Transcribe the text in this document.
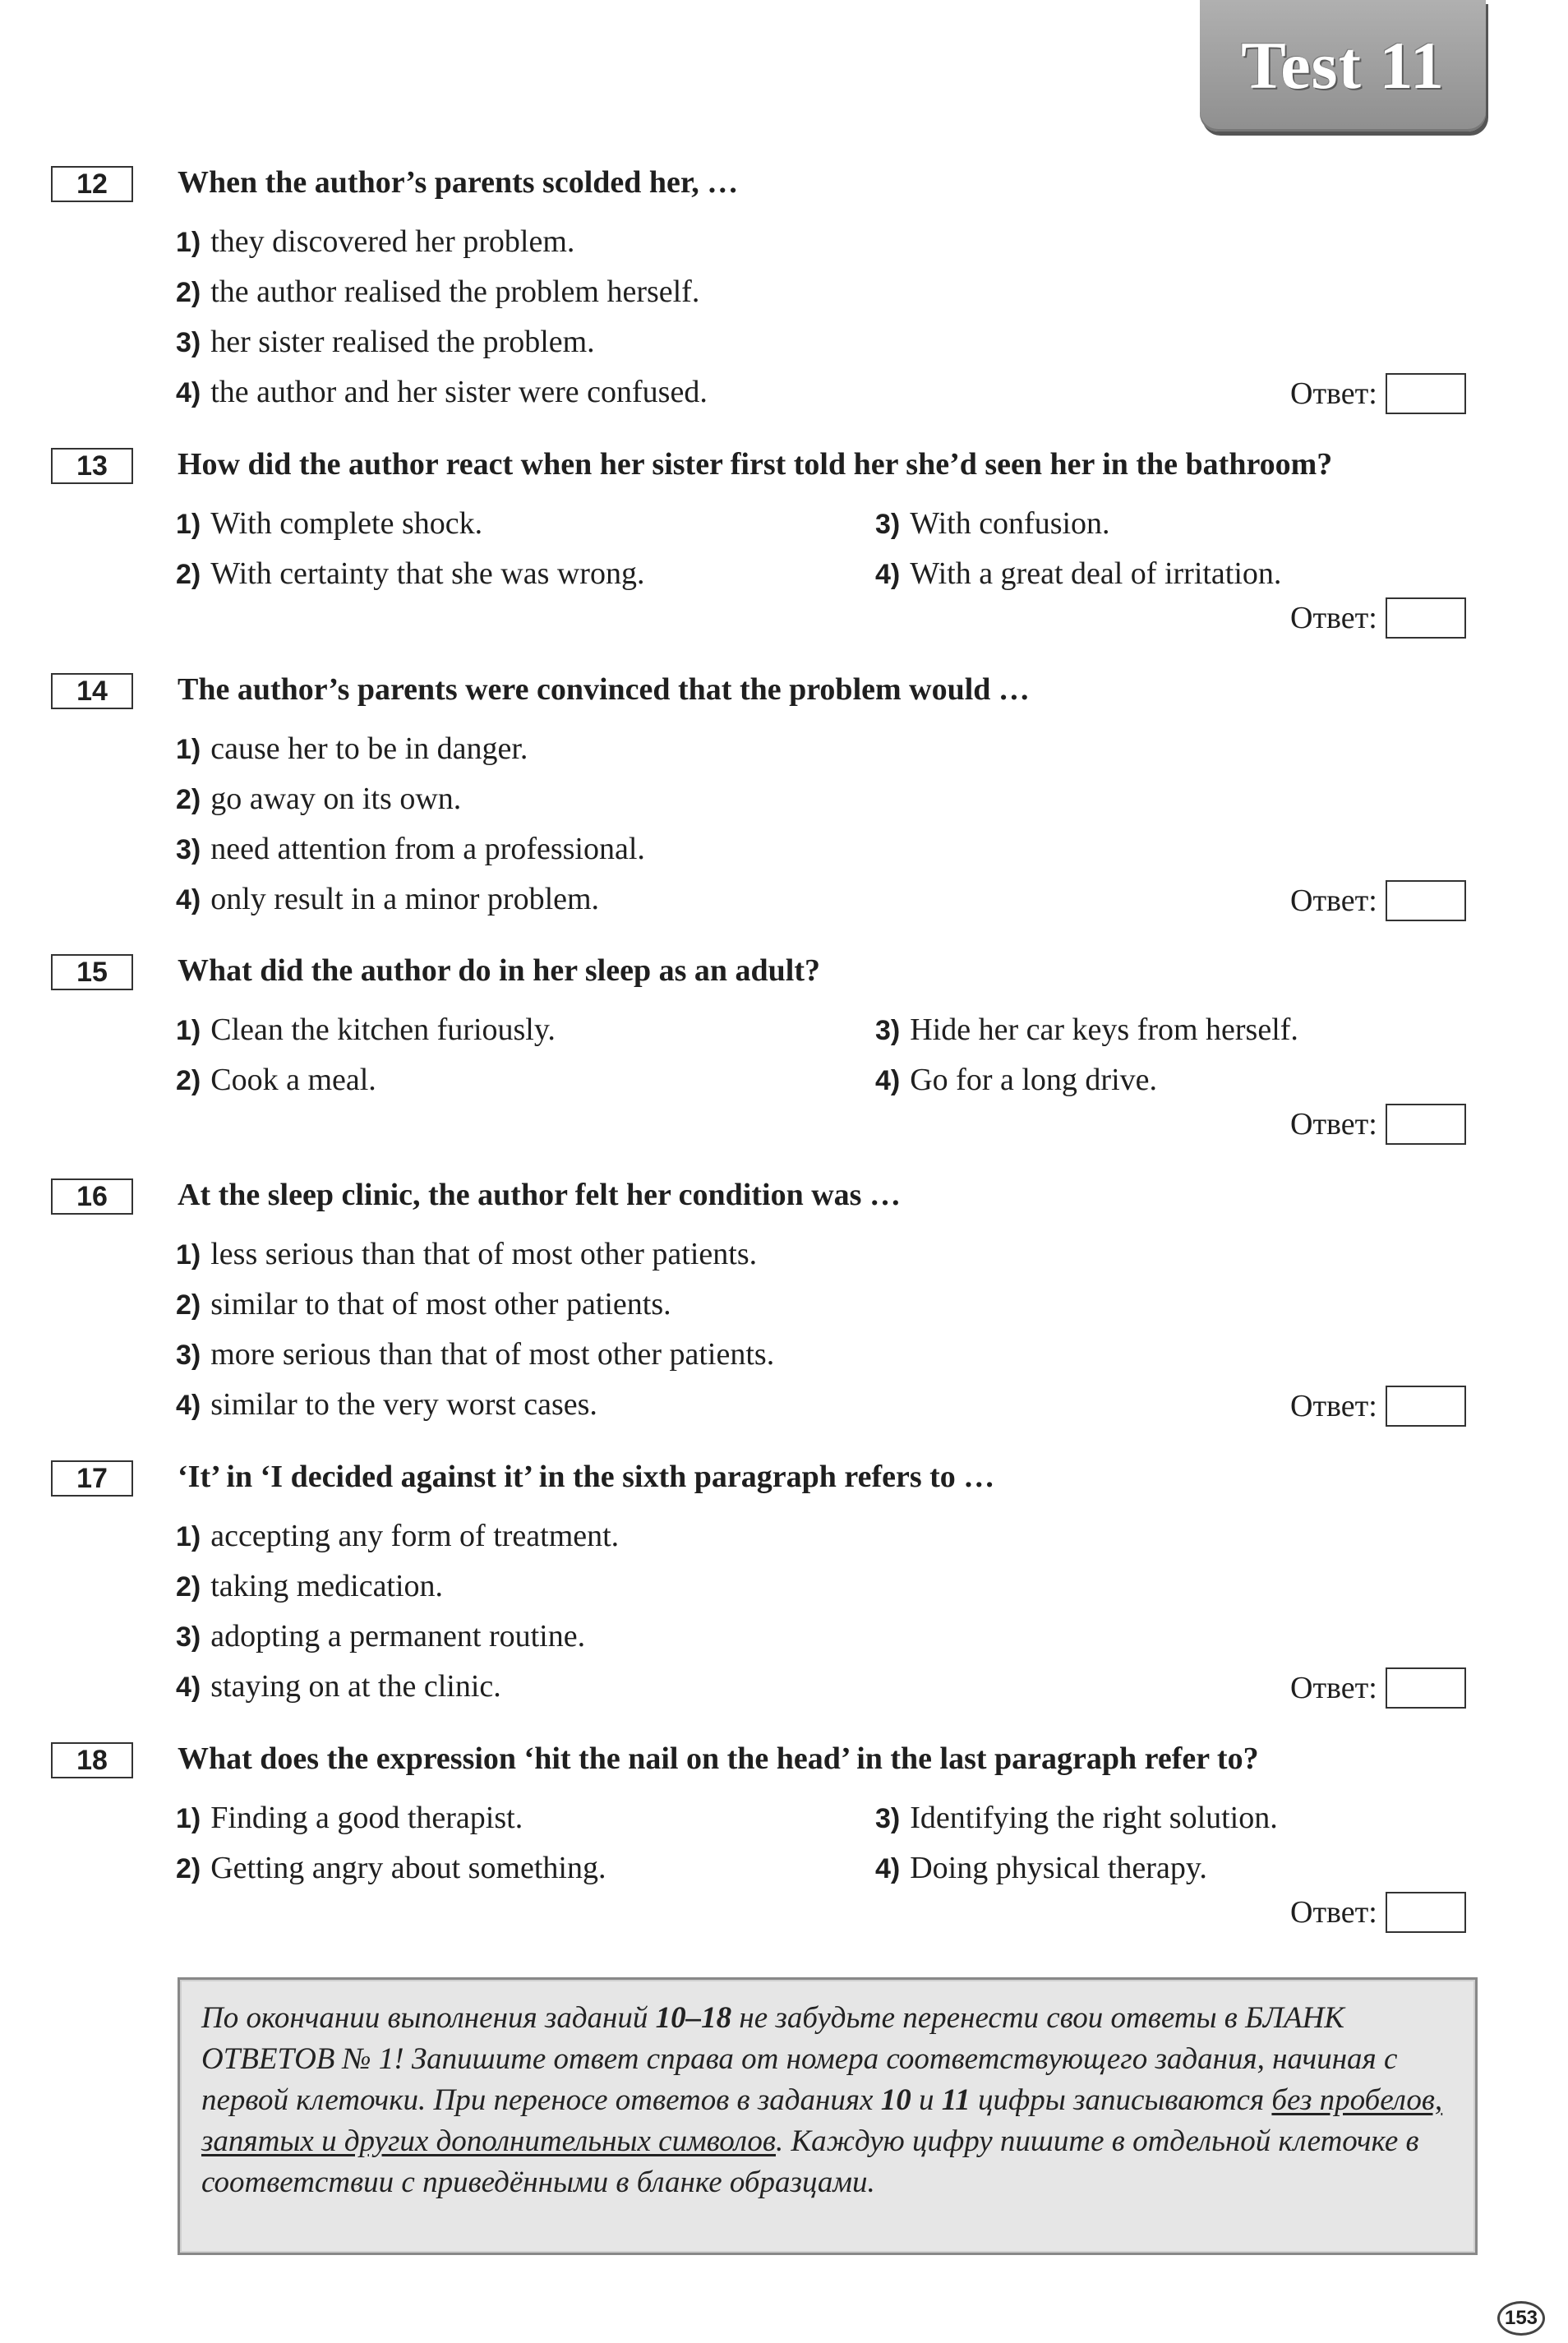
Test 11
12	When the author’s parents scolded her, …
1) they discovered her problem.
2) the author realised the problem herself.
3) her sister realised the problem.
4) the author and her sister were confused.	Ответ:
13	How did the author react when her sister first told her she’d seen her in the bathroom?
1) With complete shock.
2) With certainty that she was wrong.
3) With confusion.
4) With a great deal of irritation.
Ответ:
14	The author’s parents were convinced that the problem would …
1) cause her to be in danger.
2) go away on its own.
3) need attention from a professional.
4) only result in a minor problem.	Ответ:
15	What did the author do in her sleep as an adult?
1) Clean the kitchen furiously.
2) Cook a meal.
3) Hide her car keys from herself.
4) Go for a long drive.
Ответ:
16	At the sleep clinic, the author felt her condition was …
1) less serious than that of most other patients.
2) similar to that of most other patients.
3) more serious than that of most other patients.
4) similar to the very worst cases.	Ответ:
17	‘It’ in ‘I decided against it’ in the sixth paragraph refers to …
1) accepting any form of treatment.
2) taking medication.
3) adopting a permanent routine.
4) staying on at the clinic.	Ответ:
18	What does the expression ‘hit the nail on the head’ in the last paragraph refer to?
1) Finding a good therapist.
2) Getting angry about something.
3) Identifying the right solution.
4) Doing physical therapy.
Ответ:
По окончании выполнения заданий 10–18 не забудьте перенести свои ответы в БЛАНК ОТВЕТОВ № 1! Запишите ответ справа от номера соответствующего задания, начиная с первой клеточки. При переносе ответов в заданиях 10 и 11 цифры записываются без пробелов, запятых и других дополнительных символов. Каждую цифру пишите в отдельной клеточке в соответствии с приведёнными в бланке образцами.
153
